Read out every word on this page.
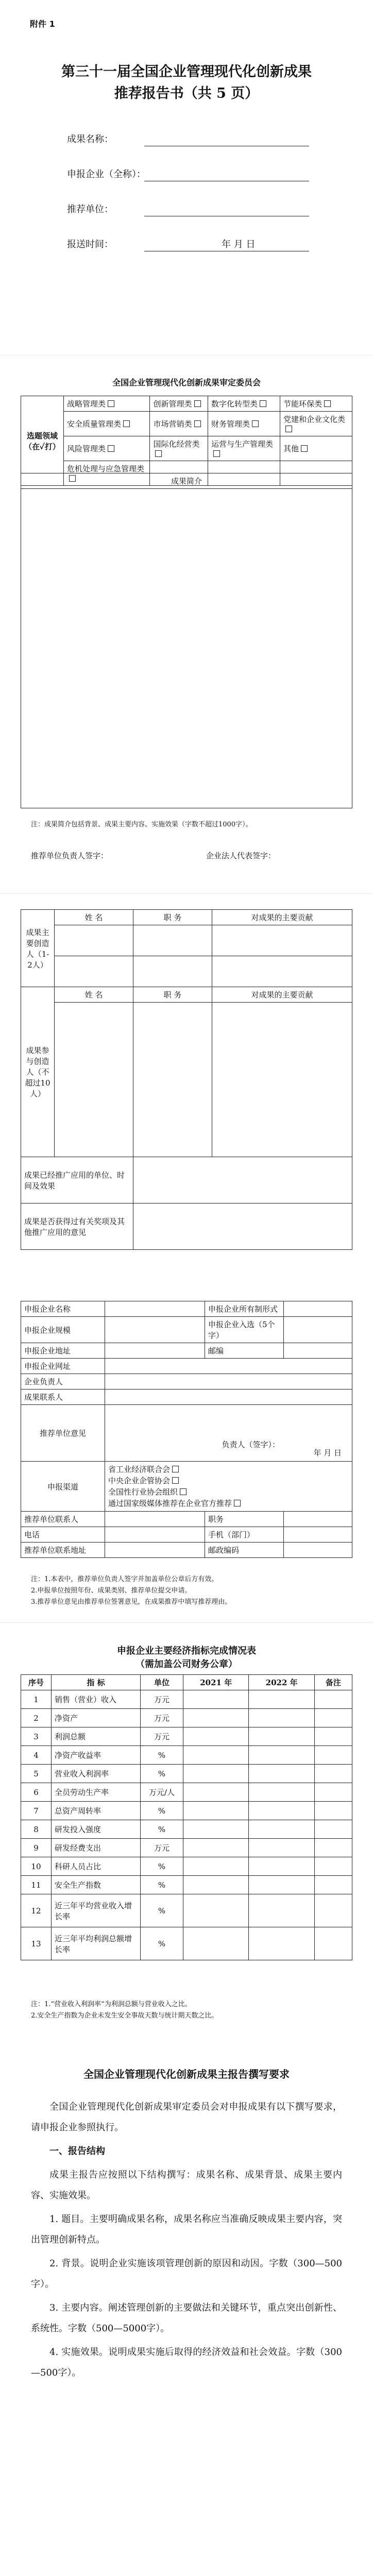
附件 1
第三十一届全国企业管理现代化创新成果
推荐报告书（共 5 页）
成果名称：
申报企业（全称）：
推荐单位：
报送时间：	年 月 日
全国企业管理现代化创新成果审定委员会
选题领域（在✓打）	战略管理类	创新管理类	数字化转型类	节能环保类
	安全质量管理类	市场营销类	财务管理类	党建和企业文化类
	风险管理类	国际化经营类	运营与生产管理类	其他
	危机处理与应急管理类			
成果简介

注：成果简介包括背景、成果主要内容、实施效果（字数不超过1000字）。
推荐单位负责人签字：	企业法人代表签字：
成果主要创造人（1-2人）	姓 名	职 务	对成果的主要贡献

成果参与创造人（不超过10人）	姓 名	职 务	对成果的主要贡献

成果已经推广应用的单位、时间及效果			
成果是否获得过有关奖项及其他推广应用的意见			
申报企业名称		申报企业所有制形式	
申报企业规模		申报企业入选（5个字）	
申报企业地址		邮编	
申报企业网址			
企业负责人			
成果联系人			
推荐单位意见	负责人（签字）：
年 月 日		

申报渠道	省工业经济联合会
中央企业企管协会
全国性行业协会组织
通过国家级媒体推荐在企业官方推荐		

推荐单位联系人		职务	
电话		手机（部门）	
推荐单位联系地址		邮政编码	
注：1.本表中，推荐单位负责人签字并加盖单位公章后方有效。
2.申报单位按照年份、成果类别、推荐单位提交申请。
3.推荐单位意见由推荐单位签署意见，在成果推荐中填写推荐理由。
申报企业主要经济指标完成情况表
（需加盖公司财务公章）
序号	指 标	单位	2021 年	2022 年	备注
1	销售（营业）收入	万元			
2	净资产	万元			
3	利润总额	万元			
4	净资产收益率	%			
5	营业收入利润率	%			
6	全员劳动生产率	万元/人			
7	总资产周转率	%			
8	研发投入强度	%			
9	研发经费支出	万元			
10	科研人员占比	%			
11	安全生产指数	%			
12	近三年平均营业收入增长率	%			
13	近三年平均利润总额增长率	%			
注：1.“营业收入利润率”为利润总额与营业收入之比。
2.安全生产指数为企业未发生安全事故天数与统计期天数之比。
全国企业管理现代化创新成果主报告撰写要求

全国企业管理现代化创新成果审定委员会对申报成果有以下撰写要求，请申报企业参照执行。

一、报告结构

成果主报告应按照以下结构撰写：成果名称、成果背景、成果主要内容、实施效果。

1. 题目。主要明确成果名称，成果名称应当准确反映成果主要内容，突出管理创新特点。

2. 背景。说明企业实施该项管理创新的原因和动因。字数（300—500字）。

3. 主要内容。阐述管理创新的主要做法和关键环节，重点突出创新性、系统性。字数（500—5000字）。

4. 实施效果。说明成果实施后取得的经济效益和社会效益。字数（300—500字）。
